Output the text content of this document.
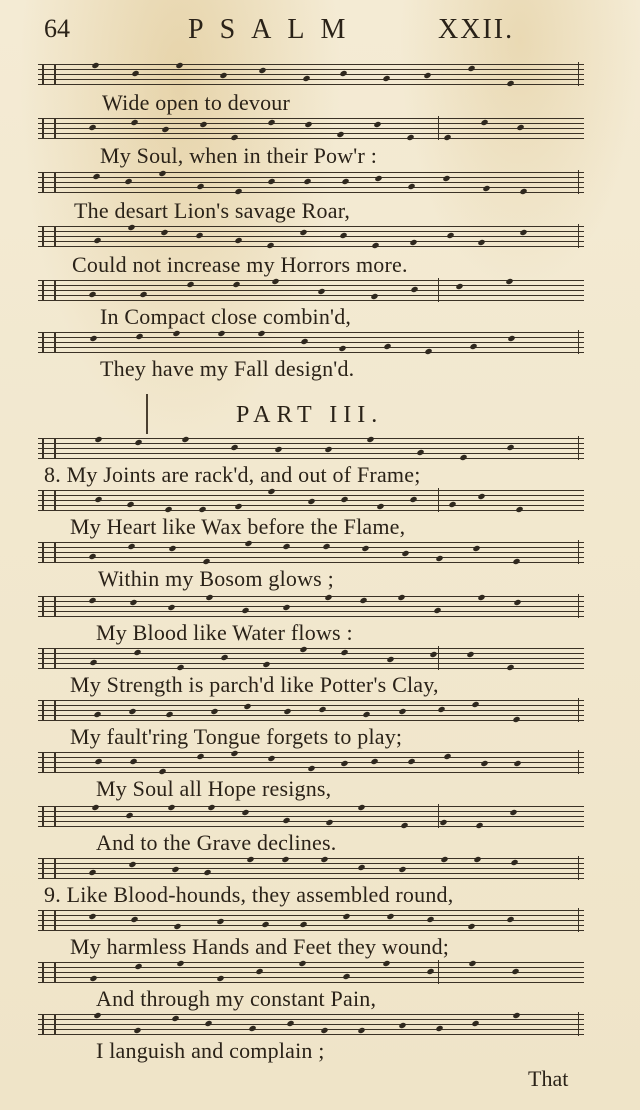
64	PSALM	XXII.
Wide open to devour
My Soul, when in their Pow'r :
The desart Lion's savage Roar,
Could not increase my Horrors more.
In Compact close combin'd,
They have my Fall design'd.
PART III.
8. My Joints are rack'd, and out of Frame;
My Heart like Wax before the Flame,
Within my Bosom glows ;
My Blood like Water flows :
My Strength is parch'd like Potter's Clay,
My fault'ring Tongue forgets to play;
My Soul all Hope resigns,
And to the Grave declines.
9. Like Blood-hounds, they assembled round,
My harmless Hands and Feet they wound;
And through my constant Pain,
I languish and complain ;
That
